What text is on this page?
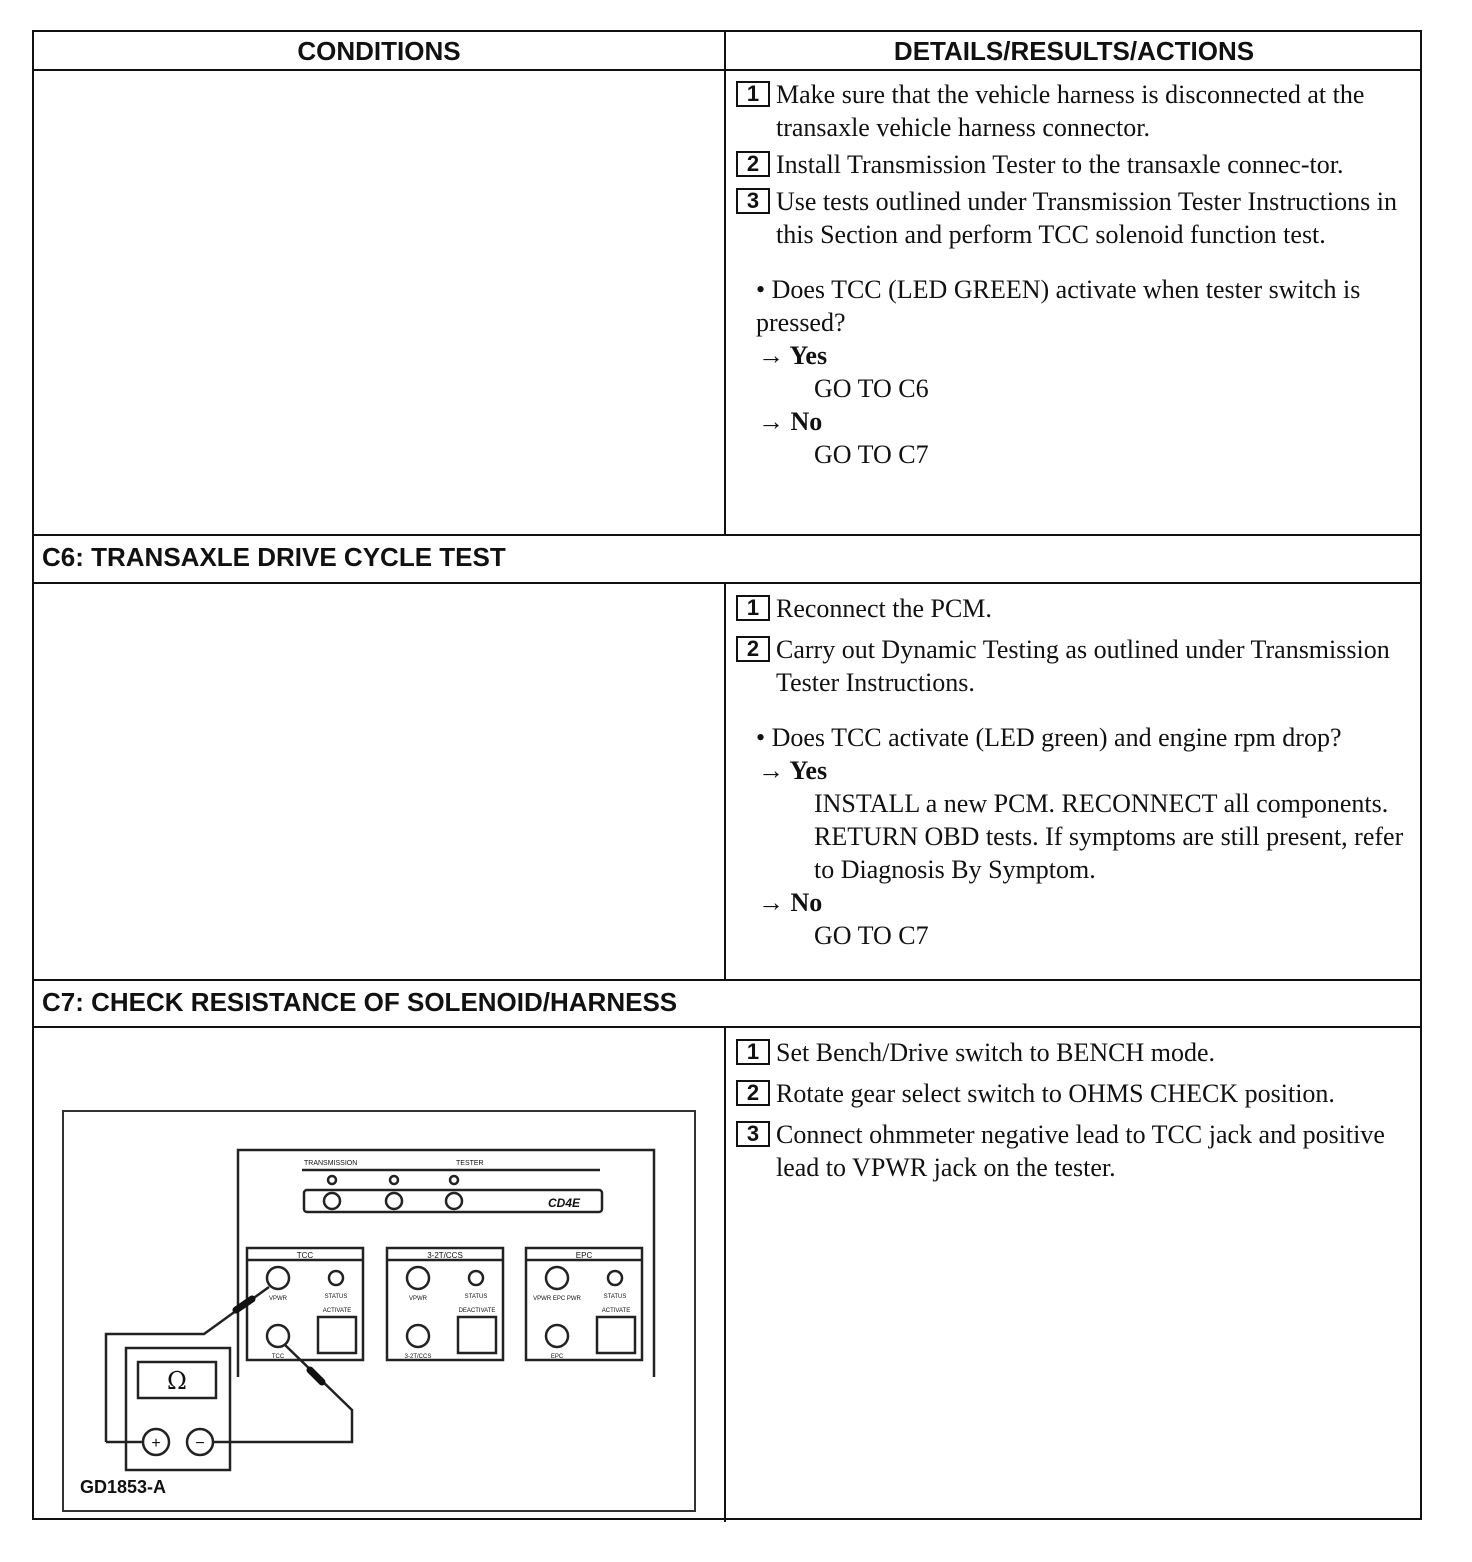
CONDITIONS	DETAILS/RESULTS/ACTIONS
1 Make sure that the vehicle harness is disconnected at the transaxle vehicle harness connector.
2 Install Transmission Tester to the transaxle connec-tor.
3 Use tests outlined under Transmission Tester Instructions in this Section and perform TCC solenoid function test.
• Does TCC (LED GREEN) activate when tester switch is pressed?
→ Yes
GO TO C6
→ No
GO TO C7
C6: TRANSAXLE DRIVE CYCLE TEST
1 Reconnect the PCM.
2 Carry out Dynamic Testing as outlined under Transmission Tester Instructions.
• Does TCC activate (LED green) and engine rpm drop?
→ Yes
INSTALL a new PCM. RECONNECT all components. RETURN OBD tests. If symptoms are still present, refer to Diagnosis By Symptom.
→ No
GO TO C7
C7: CHECK RESISTANCE OF SOLENOID/HARNESS
1 Set Bench/Drive switch to BENCH mode.
2 Rotate gear select switch to OHMS CHECK position.
3 Connect ohmmeter negative lead to TCC jack and positive lead to VPWR jack on the tester.
TRANSMISSION	TESTER
CD4E
TCC	3-2T/CCS	EPC
VPWR	VPWR	VPWR EPC PWR
STATUS	STATUS	STATUS
ACTIVATE	DEACTIVATE	ACTIVATE
TCC	3-2T/CCS	EPC
Ω
+ −
GD1853-A
